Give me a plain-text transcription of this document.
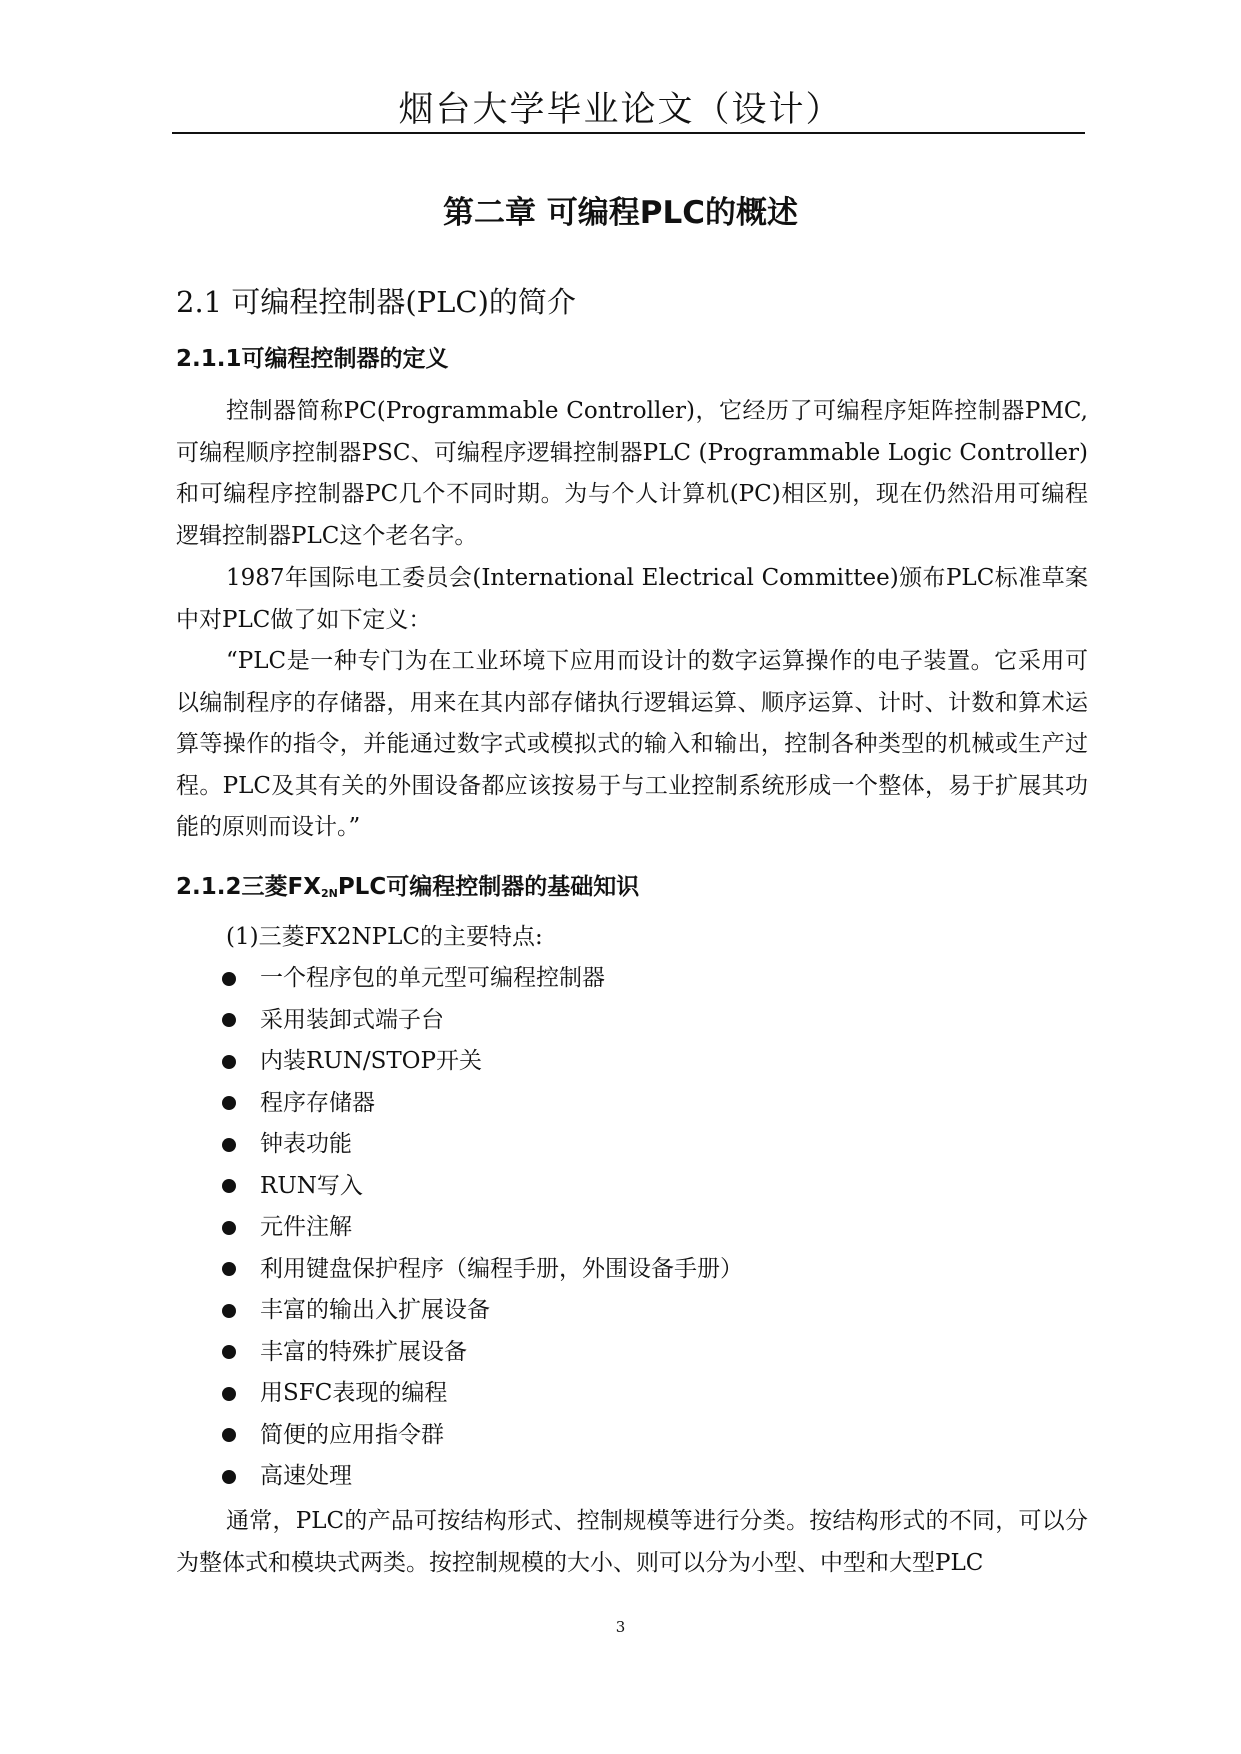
烟台大学毕业论文（设计）
第二章 可编程PLC的概述
2.1 可编程控制器(PLC)的简介
2.1.1可编程控制器的定义
控制器简称PC(Programmable Controller)，它经历了可编程序矩阵控制器PMC,可编程顺序控制器PSC、可编程序逻辑控制器PLC (Programmable Logic Controller)和可编程序控制器PC几个不同时期。为与个人计算机(PC)相区别，现在仍然沿用可编程逻辑控制器PLC这个老名字。
1987年国际电工委员会(International Electrical Committee)颁布PLC标准草案中对PLC做了如下定义：
“PLC是一种专门为在工业环境下应用而设计的数字运算操作的电子装置。它采用可以编制程序的存储器，用来在其内部存储执行逻辑运算、顺序运算、计时、计数和算术运算等操作的指令，并能通过数字式或模拟式的输入和输出，控制各种类型的机械或生产过程。PLC及其有关的外围设备都应该按易于与工业控制系统形成一个整体，易于扩展其功能的原则而设计。”
2.1.2三菱$FX_{2N}PLC$可编程控制器的基础知识
(1)三菱FX2NPLC的主要特点:
一个程序包的单元型可编程控制器
采用装卸式端子台
内装RUN/STOP开关
程序存储器
钟表功能
RUN写入
元件注解
利用键盘保护程序（编程手册，外围设备手册）
丰富的输出入扩展设备
丰富的特殊扩展设备
用SFC表现的编程
简便的应用指令群
高速处理
通常，PLC的产品可按结构形式、控制规模等进行分类。按结构形式的不同，可以分为整体式和模块式两类。按控制规模的大小、则可以分为小型、中型和大型PLC
3
